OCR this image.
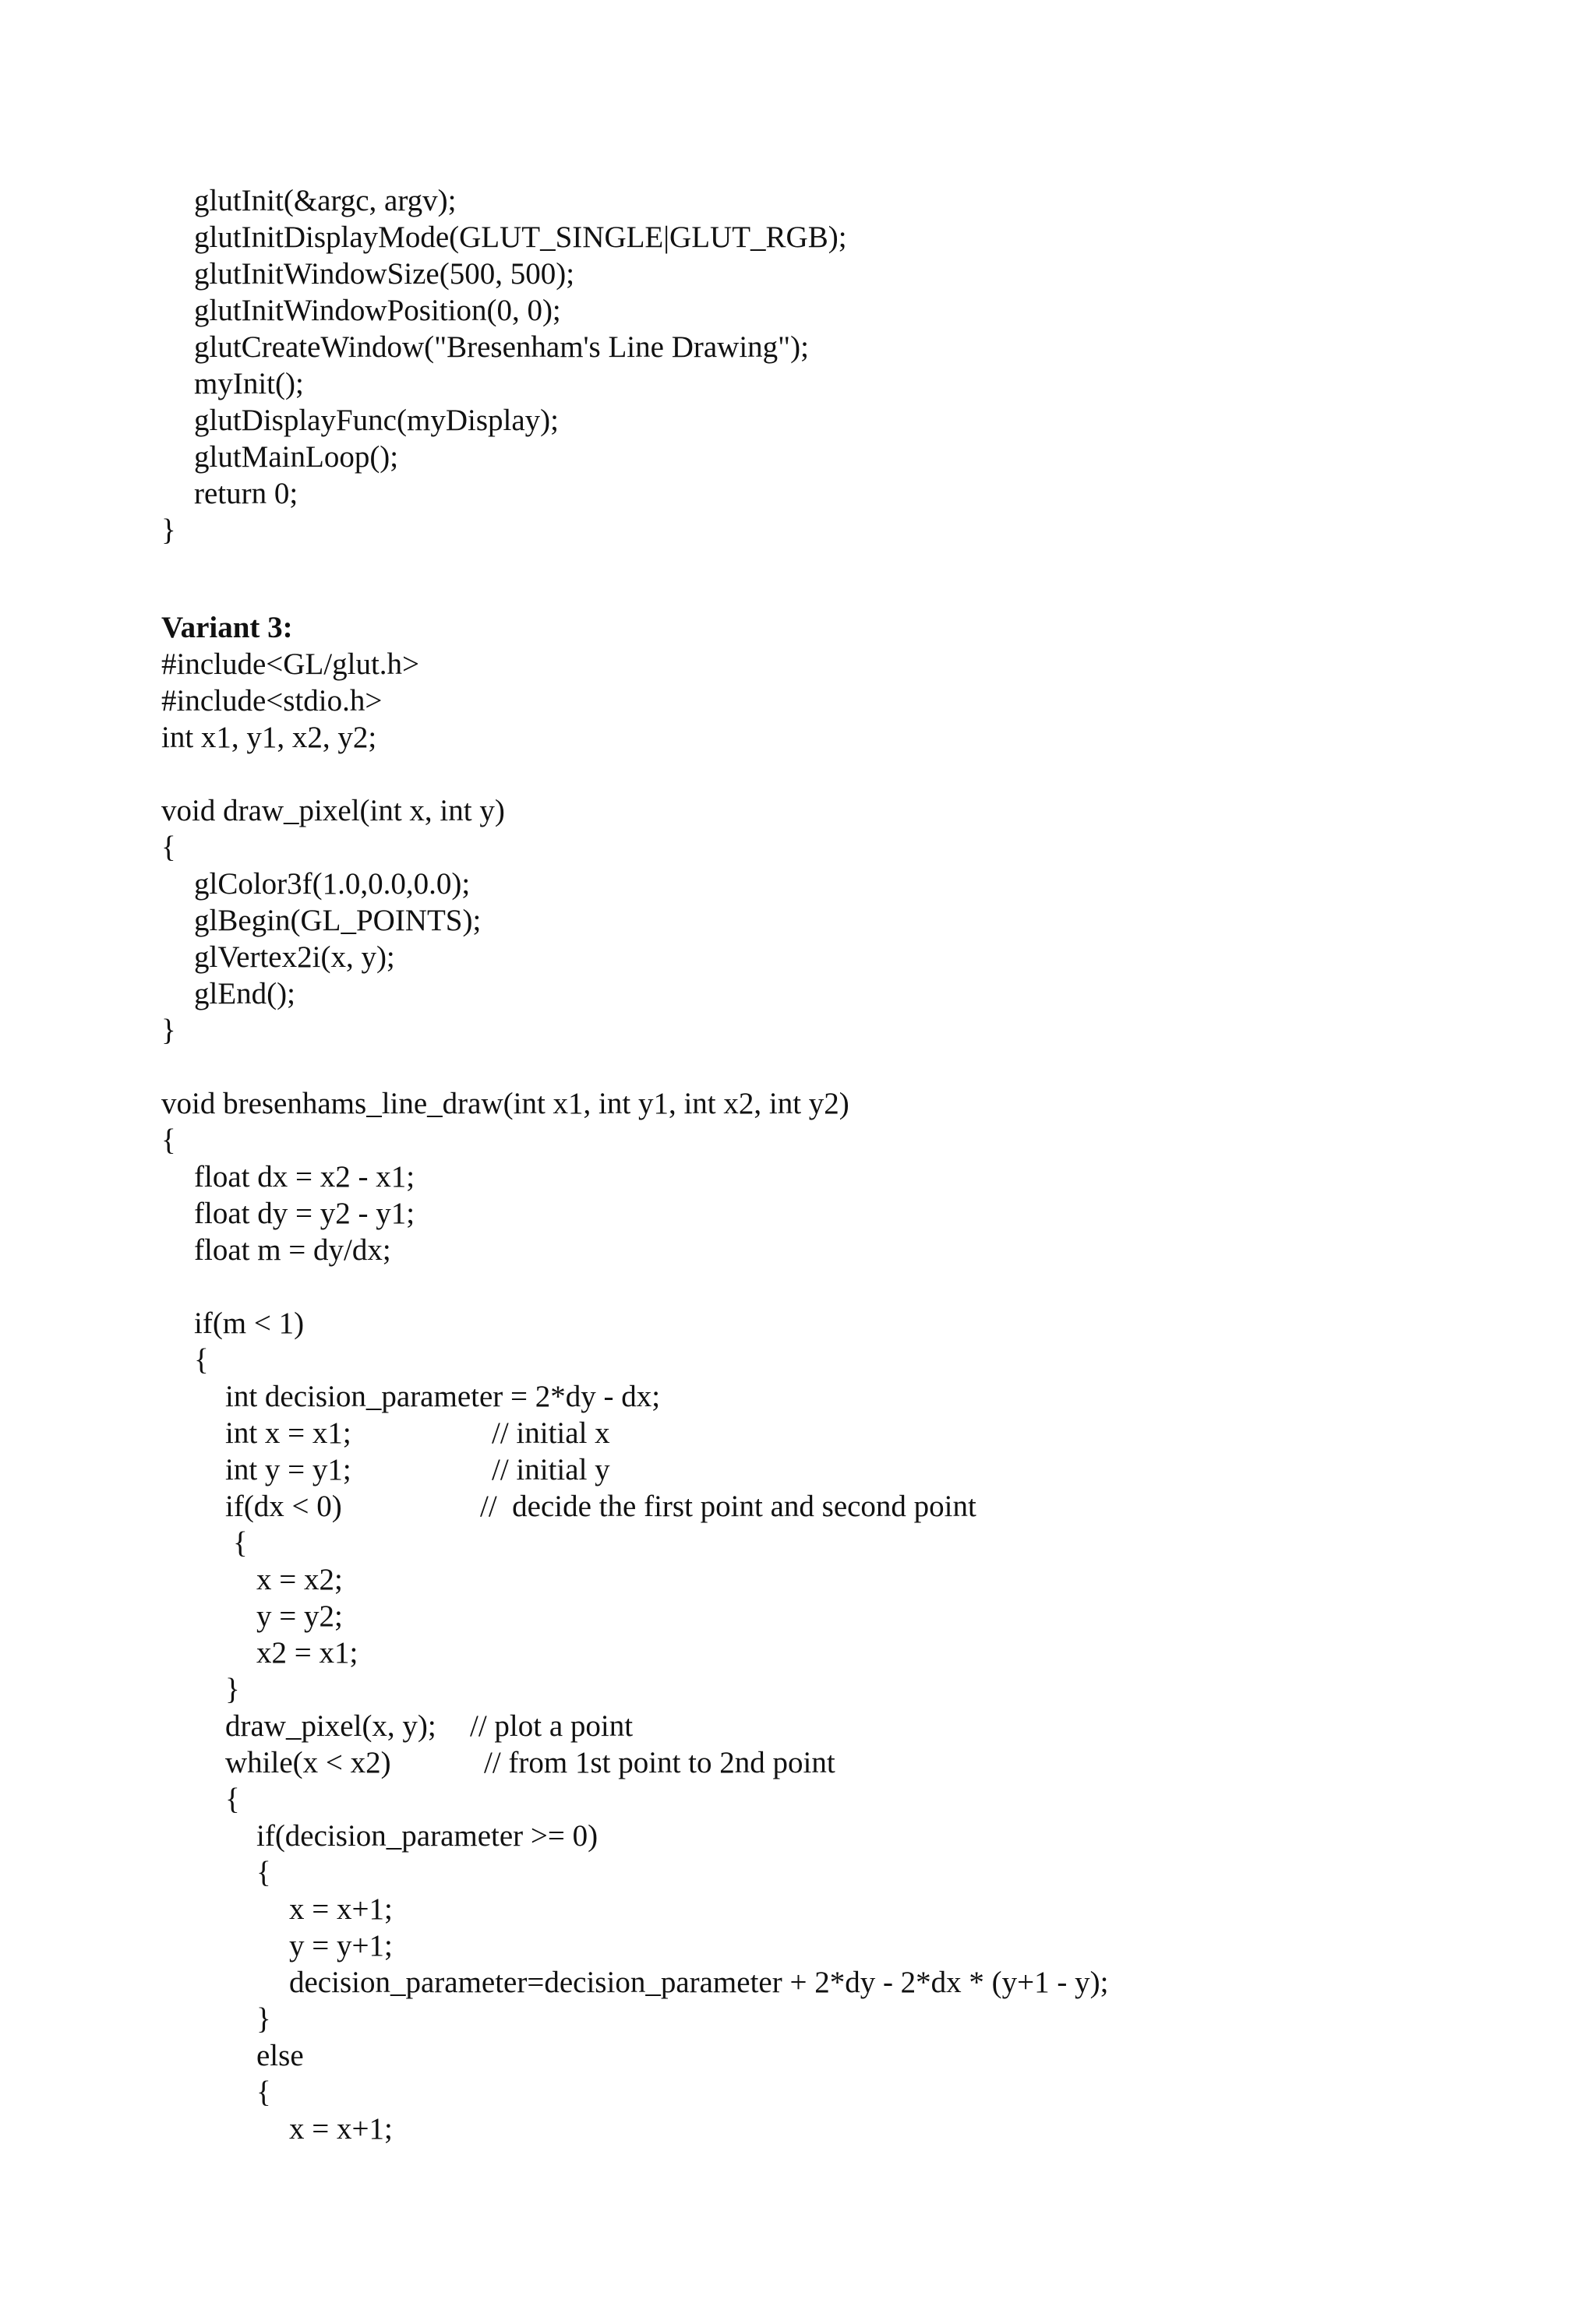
glutInit(&argc, argv);
glutInitDisplayMode(GLUT_SINGLE|GLUT_RGB);
glutInitWindowSize(500, 500);
glutInitWindowPosition(0, 0);
glutCreateWindow("Bresenham's Line Drawing");
myInit();
glutDisplayFunc(myDisplay);
glutMainLoop();
return 0;
}
Variant 3:
#include<GL/glut.h>
#include<stdio.h>
int x1, y1, x2, y2;
void draw_pixel(int x, int y)
{
glColor3f(1.0,0.0,0.0);
glBegin(GL_POINTS);
glVertex2i(x, y);
glEnd();
}
void bresenhams_line_draw(int x1, int y1, int x2, int y2)
{
float dx = x2 - x1;
float dy = y2 - y1;
float m = dy/dx;
if(m < 1)
{
int decision_parameter = 2*dy - dx;
int x = x1;	// initial x
int y = y1;	// initial y
if(dx < 0)	//  decide the first point and second point
{
x = x2;
y = y2;
x2 = x1;
}
draw_pixel(x, y); // plot a point
while(x < x2)	// from 1st point to 2nd point
{
if(decision_parameter >= 0)
{
x = x+1;
y = y+1;
decision_parameter=decision_parameter + 2*dy - 2*dx * (y+1 - y);
}
else
{
x = x+1;
